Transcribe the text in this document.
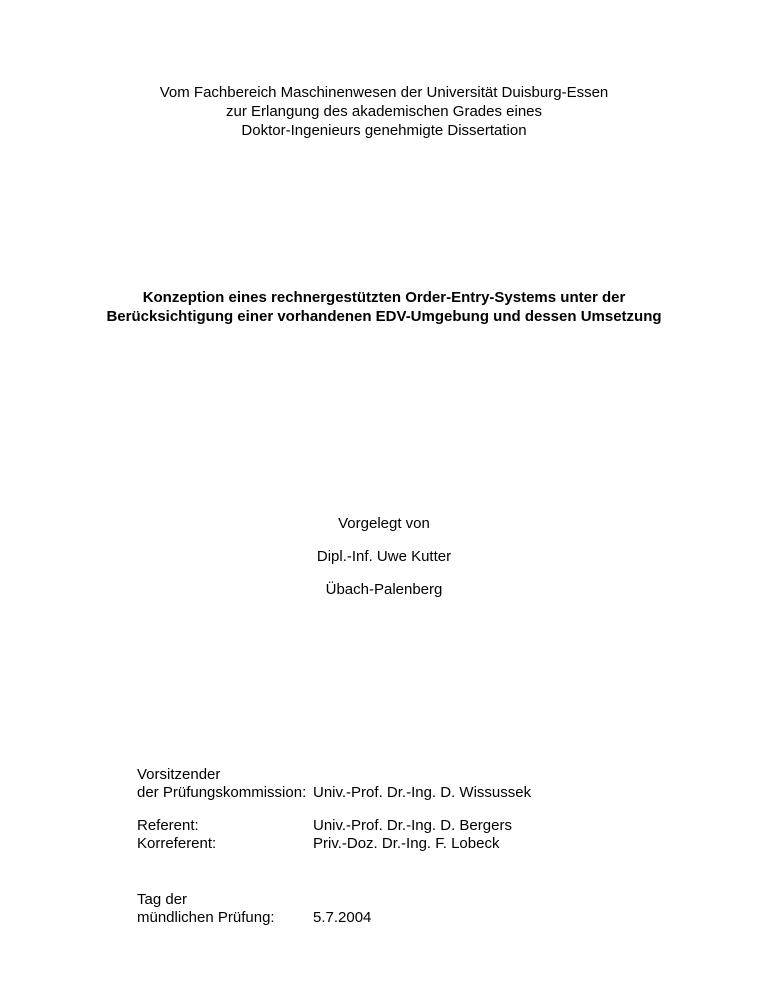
Vom Fachbereich Maschinenwesen der Universität Duisburg-Essen
zur Erlangung des akademischen Grades eines
Doktor-Ingenieurs genehmigte Dissertation
Konzeption eines rechnergestützten Order-Entry-Systems unter der
Berücksichtigung einer vorhandenen EDV-Umgebung und dessen Umsetzung
Vorgelegt von
Dipl.-Inf. Uwe Kutter
Übach-Palenberg
Vorsitzender
der Prüfungskommission: Univ.-Prof. Dr.-Ing. D. Wissussek
Referent:	Univ.-Prof. Dr.-Ing. D. Bergers
Korreferent:	Priv.-Doz. Dr.-Ing. F. Lobeck
Tag der
mündlichen Prüfung:	5.7.2004
